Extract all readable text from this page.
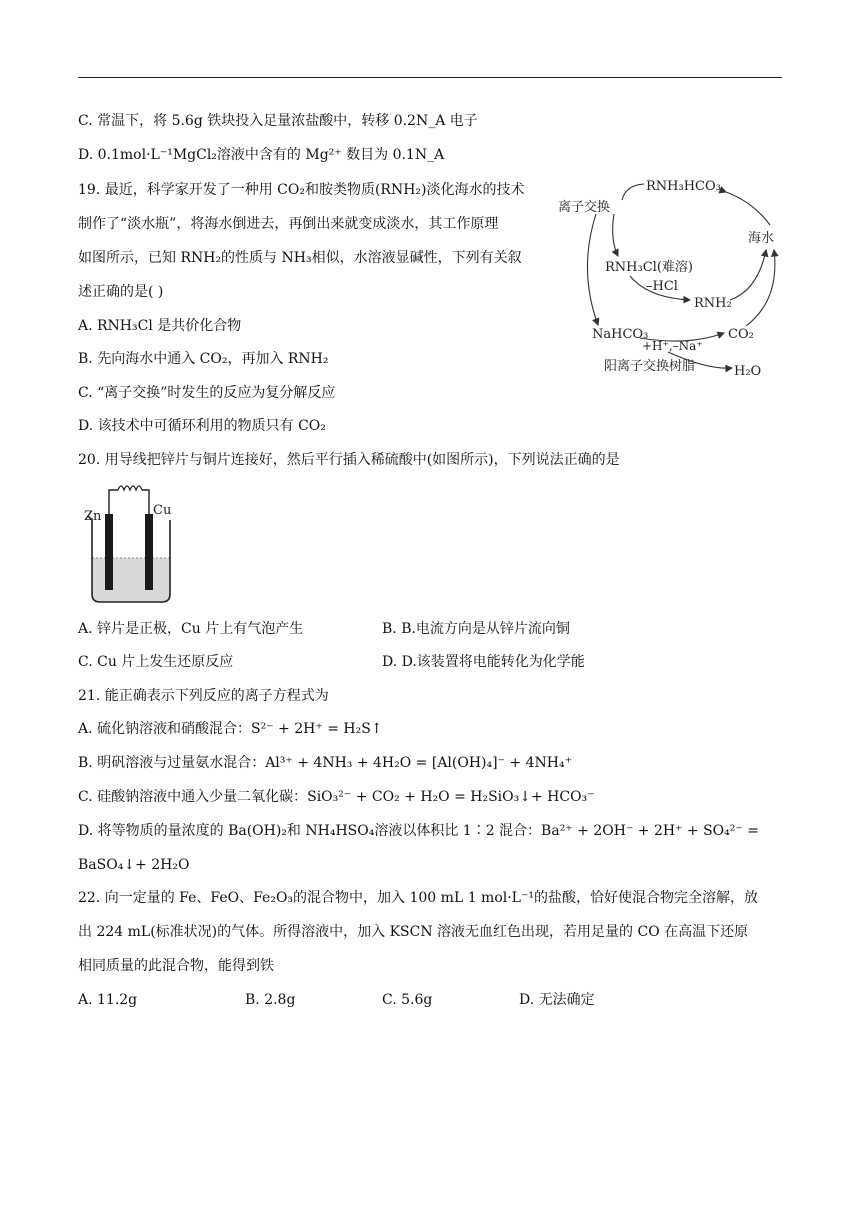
C. 常温下，将 5.6g 铁块投入足量浓盐酸中，转移 0.2N_A 电子
D. 0.1mol·L⁻¹MgCl₂溶液中含有的 Mg²⁺ 数目为 0.1N_A
19. 最近，科学家开发了一种用 CO₂和胺类物质(RNH₂)淡化海水的技术
制作了“淡水瓶”，将海水倒进去，再倒出来就变成淡水，其工作原理
如图所示，已知 RNH₂的性质与 NH₃相似，水溶液显碱性，下列有关叙
述正确的是( )
A. RNH₃Cl 是共价化合物
B. 先向海水中通入 CO₂，再加入 RNH₂
C. “离子交换”时发生的反应为复分解反应
D. 该技术中可循环利用的物质只有 CO₂
RNH₃HCO₃
离子交换
海水
RNH₃Cl(难溶)
–HCl
RNH₂
NaHCO₃	CO₂
+H⁺,–Na⁺
阳离子交换树脂	H₂O
20. 用导线把锌片与铜片连接好，然后平行插入稀硫酸中(如图所示)，下列说法正确的是
Zn	Cu
A. 锌片是正极，Cu 片上有气泡产生	B. B.电流方向是从锌片流向铜
C. Cu 片上发生还原反应	D. D.该装置将电能转化为化学能
21. 能正确表示下列反应的离子方程式为
A. 硫化钠溶液和硝酸混合：S²⁻ + 2H⁺ = H₂S↑
B. 明矾溶液与过量氨水混合：Al³⁺ + 4NH₃ + 4H₂O = [Al(OH)₄]⁻ + 4NH₄⁺
C. 硅酸钠溶液中通入少量二氧化碳：SiO₃²⁻ + CO₂ + H₂O = H₂SiO₃↓+ HCO₃⁻
D. 将等物质的量浓度的 Ba(OH)₂和 NH₄HSO₄溶液以体积比 1∶2 混合：Ba²⁺ + 2OH⁻ + 2H⁺ + SO₄²⁻ =
BaSO₄↓+ 2H₂O
22. 向一定量的 Fe、FeO、Fe₂O₃的混合物中，加入 100 mL 1 mol·L⁻¹的盐酸，恰好使混合物完全溶解，放
出 224 mL(标准状况)的气体。所得溶液中，加入 KSCN 溶液无血红色出现，若用足量的 CO 在高温下还原
相同质量的此混合物，能得到铁
A. 11.2g	B. 2.8g	C. 5.6g	D. 无法确定
